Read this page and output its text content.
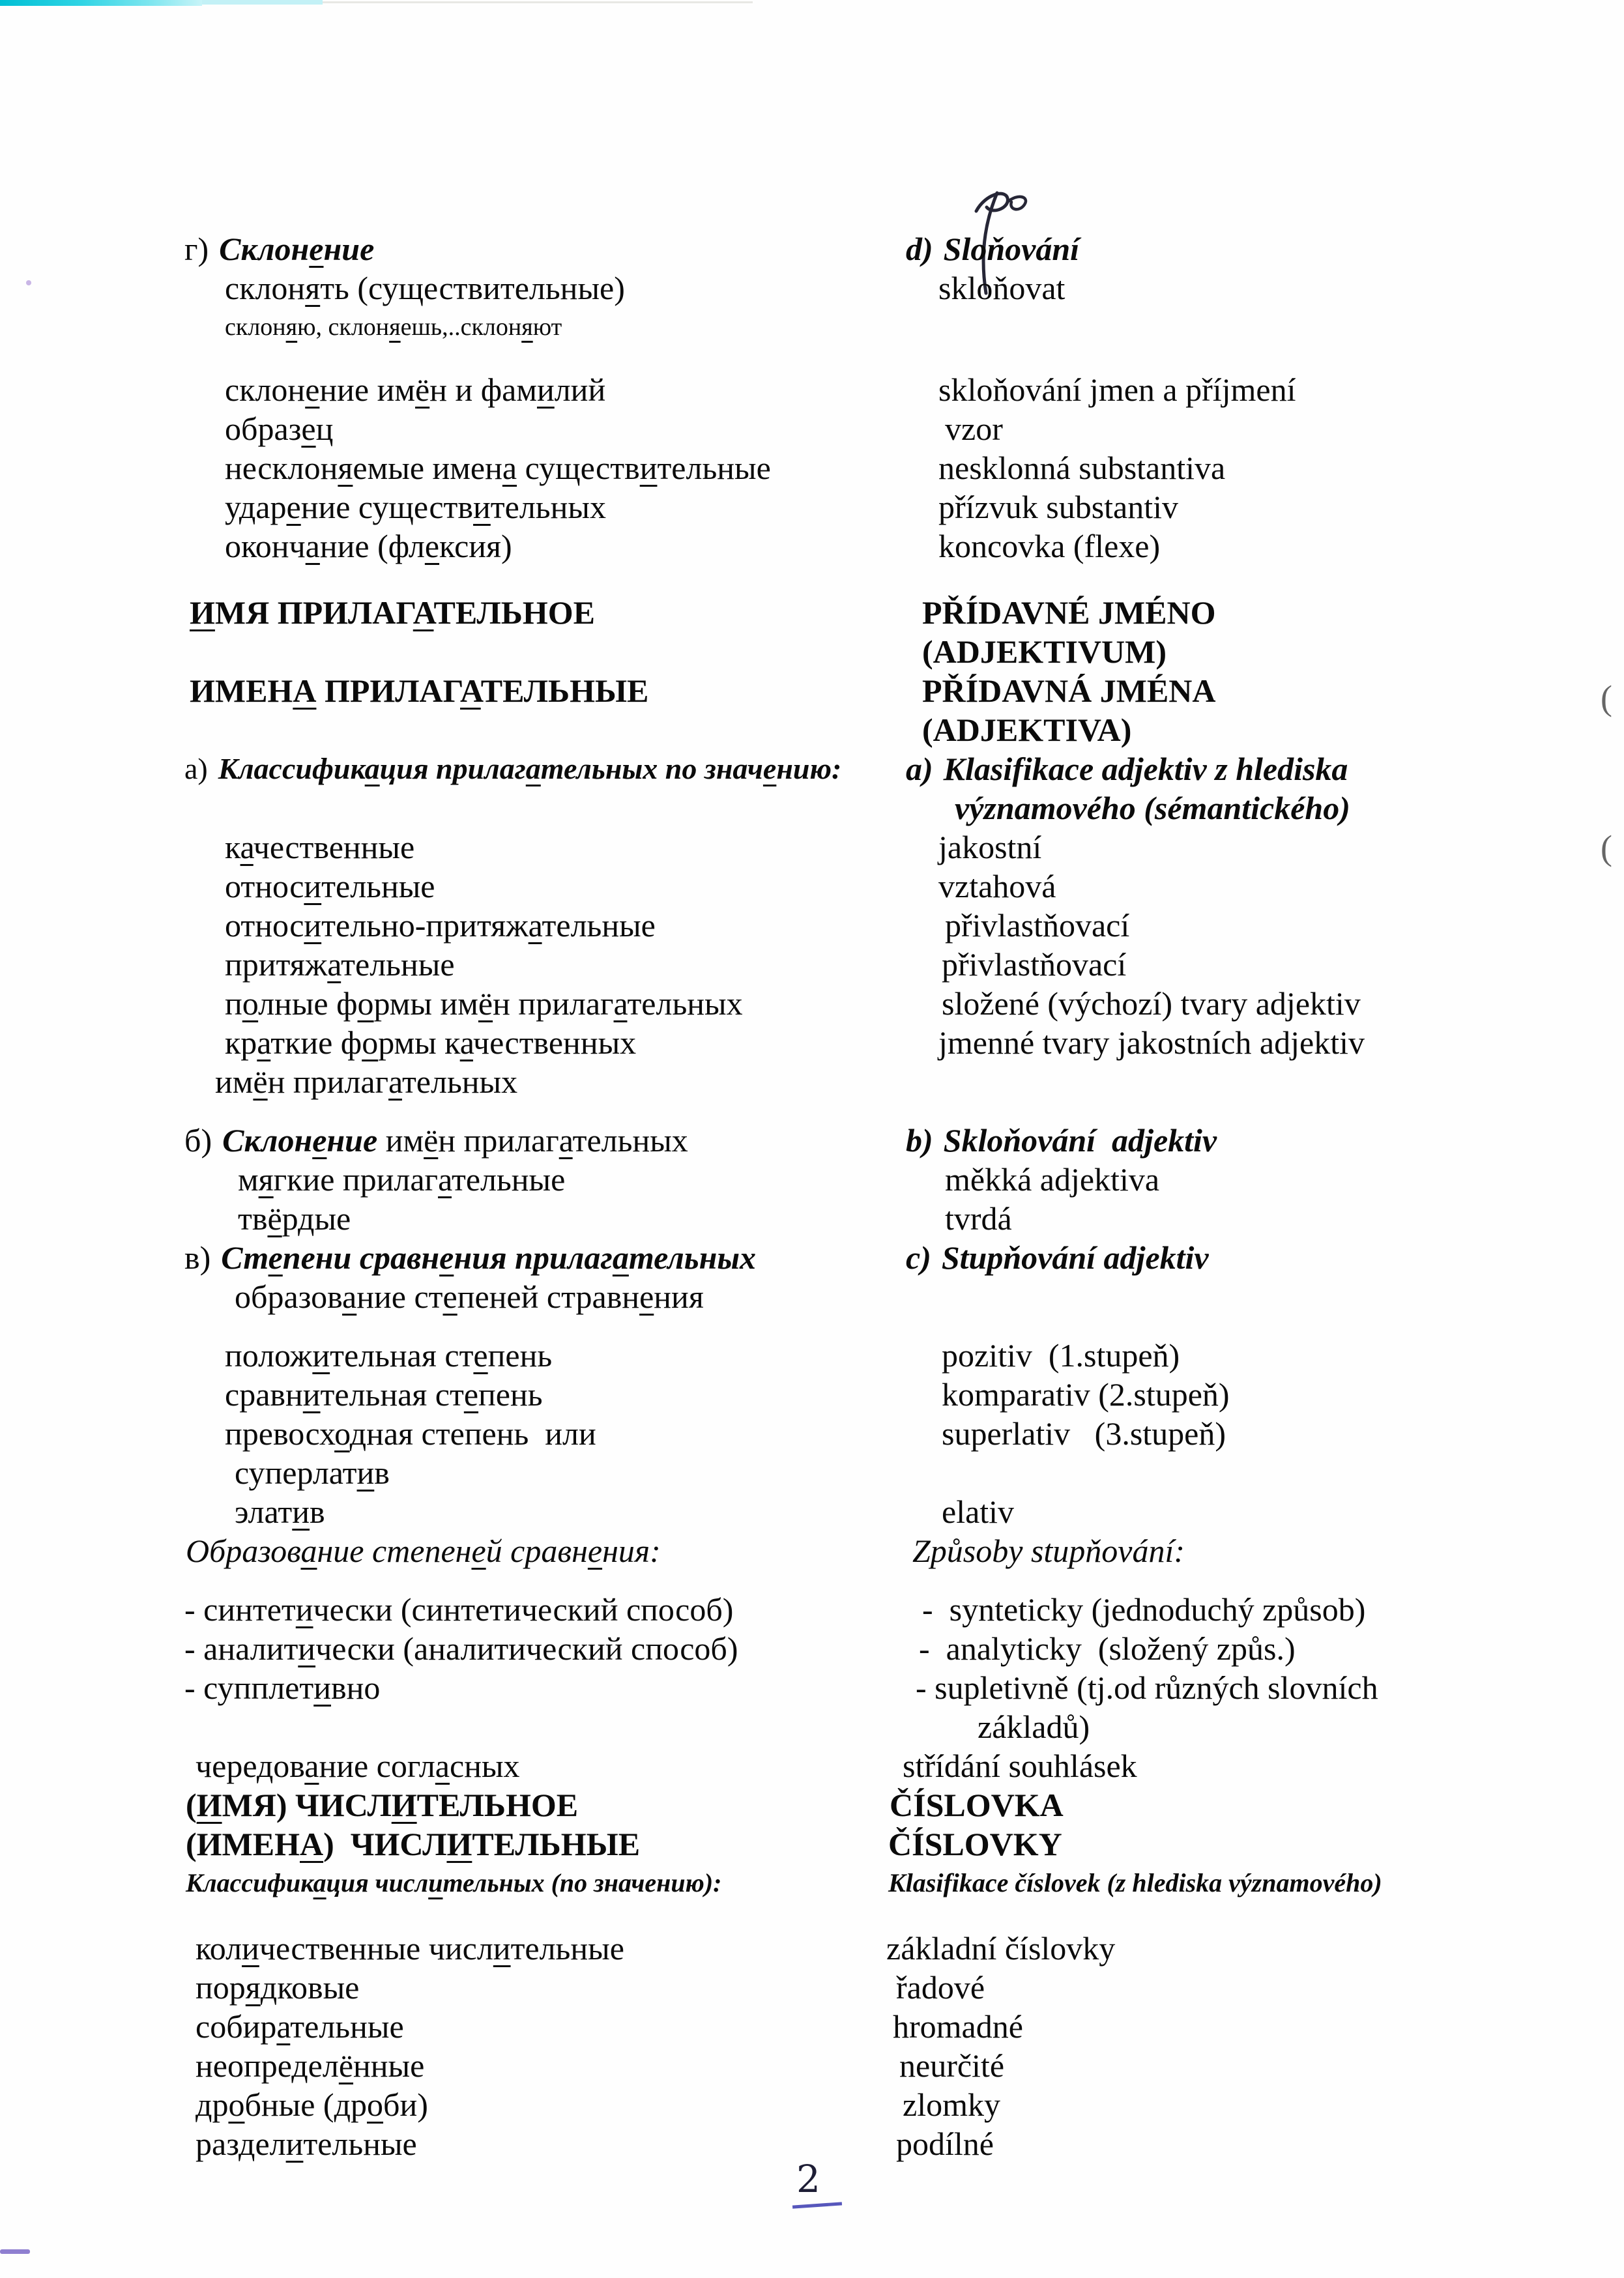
(
(
г) Склонение	d) Sloňování
склонять (существительные)	skloňovat
склоняю, склоняешь,..склоняют
склонение имён и фамилий	skloňování jmen a příjmení
образец	vzor
несклоняемые имена существительные	nesklonná substantiva
ударение существительных	přízvuk substantiv
окончание (флексия)	koncovka (flexe)
ИМЯ ПРИЛАГАТЕЛЬНОЕ	PŘÍDAVNÉ JMÉNO
(ADJEKTIVUM)
ИМЕНА ПРИЛАГАТЕЛЬНЫЕ	PŘÍDAVNÁ JMÉNA
(ADJEKTIVA)
а) Классификация прилагательных по значению:	a) Klasifikace adjektiv z hlediska
významového (sémantického)
качественные	jakostní
относительные	vztahová
относительно-притяжательные	přivlastňovací
притяжательные	přivlastňovací
полные формы имён прилагательных	složené (výchozí) tvary adjektiv
краткие формы качественных	jmenné tvary jakostních adjektiv
имён прилагательных
б) Склонение имён прилагательных	b) Skloňování  adjektiv
мягкие прилагательные	měkká adjektiva
твёрдые	tvrdá
в) Степени сравнения прилагательных	c) Stupňování adjektiv
образование степеней стравнения
положительная степень	pozitiv  (1.stupeň)
сравнительная степень	komparativ (2.stupeň)
превосходная степень  или	superlativ   (3.stupeň)
суперлатив
элатив	elativ
Образование степеней сравнения:	Způsoby stupňování:
- синтетически (синтетический способ)	-  synteticky (jednoduchý způsob)
- аналитически (аналитический способ)	-  analyticky  (složený způs.)
- супплетивно	- supletivně (tj.od různých slovních
základů)
чередование согласных	střídání souhlásek
(ИМЯ) ЧИСЛИТЕЛЬНОЕ	ČÍSLOVKA
(ИМЕНА)  ЧИСЛИТЕЛЬНЫЕ	ČÍSLOVKY
Классификация числительных (по значению):	Klasifikace číslovek (z hlediska významového)
количественные числительные	základní číslovky
порядковые	řadové
собирательные	hromadné
неопределённые	neurčité
дробные (дроби)	zlomky
разделительные	podílné
2
